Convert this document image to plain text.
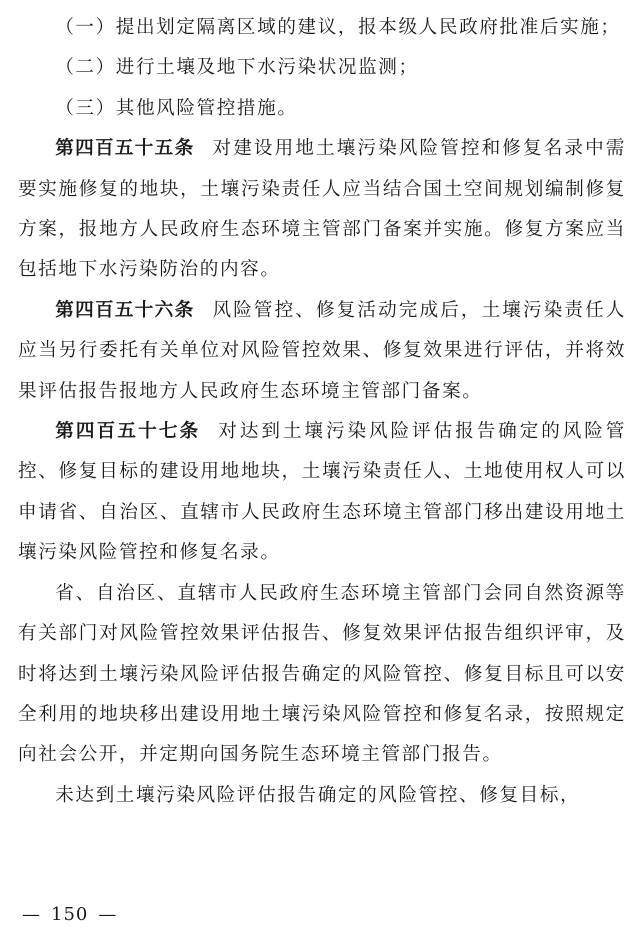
（一）提出划定隔离区域的建议，报本级人民政府批准后实施；

（二）进行土壤及地下水污染状况监测；

（三）其他风险管控措施。

第四百五十五条 对建设用地土壤污染风险管控和修复名录中需要实施修复的地块，土壤污染责任人应当结合国土空间规划编制修复方案，报地方人民政府生态环境主管部门备案并实施。修复方案应当包括地下水污染防治的内容。

第四百五十六条 风险管控、修复活动完成后，土壤污染责任人应当另行委托有关单位对风险管控效果、修复效果进行评估，并将效果评估报告报地方人民政府生态环境主管部门备案。

第四百五十七条 对达到土壤污染风险评估报告确定的风险管控、修复目标的建设用地地块，土壤污染责任人、土地使用权人可以申请省、自治区、直辖市人民政府生态环境主管部门移出建设用地土壤污染风险管控和修复名录。

省、自治区、直辖市人民政府生态环境主管部门会同自然资源等有关部门对风险管控效果评估报告、修复效果评估报告组织评审，及时将达到土壤污染风险评估报告确定的风险管控、修复目标且可以安全利用的地块移出建设用地土壤污染风险管控和修复名录，按照规定向社会公开，并定期向国务院生态环境主管部门报告。

未达到土壤污染风险评估报告确定的风险管控、修复目标，

— 150 —
